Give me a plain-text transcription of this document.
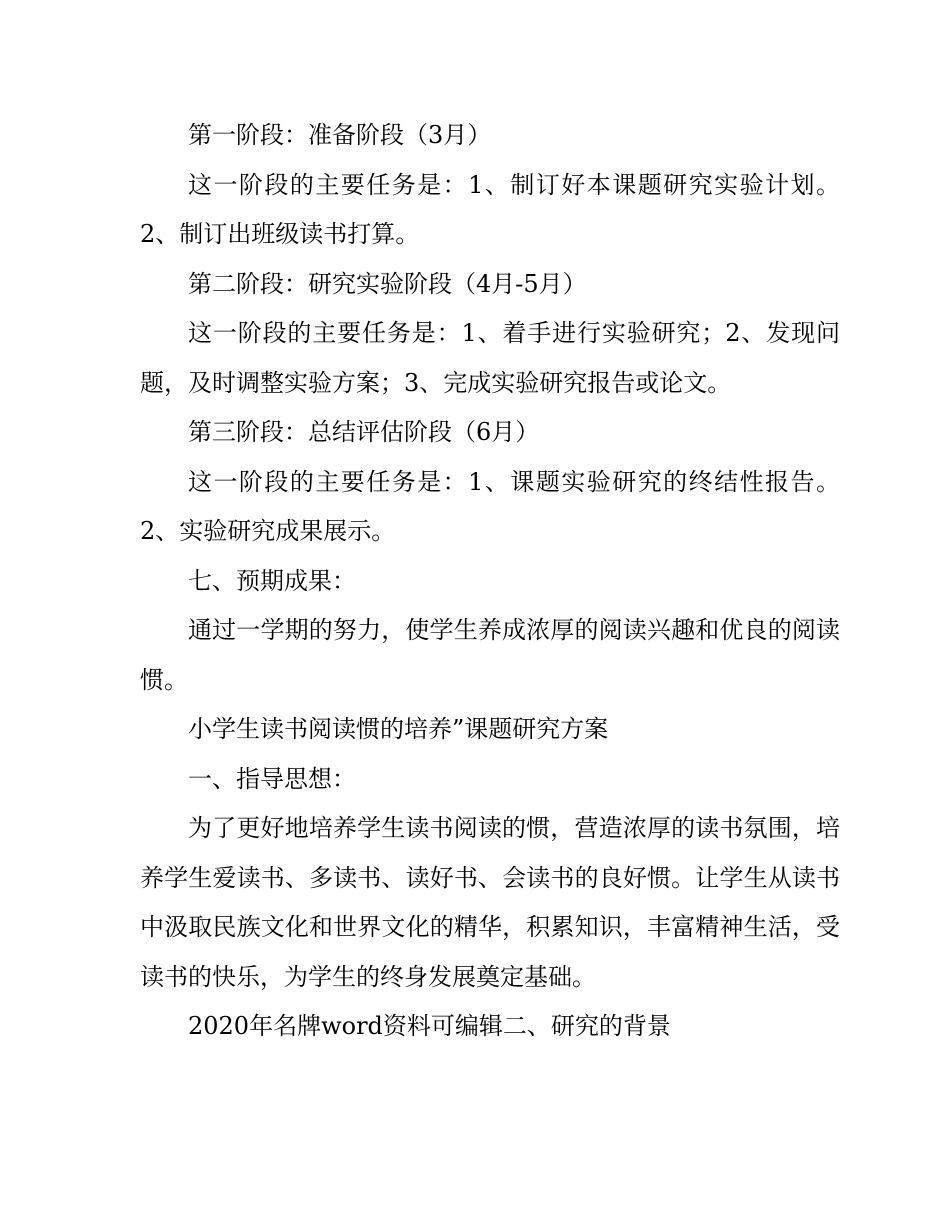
第一阶段：准备阶段（3月）

这一阶段的主要任务是：1、制订好本课题研究实验计划。2、制订出班级读书打算。

第二阶段：研究实验阶段（4月-5月）

这一阶段的主要任务是：1、着手进行实验研究；2、发现问题，及时调整实验方案；3、完成实验研究报告或论文。

第三阶段：总结评估阶段（6月）

这一阶段的主要任务是：1、课题实验研究的终结性报告。2、实验研究成果展示。

七、预期成果：

通过一学期的努力，使学生养成浓厚的阅读兴趣和优良的阅读惯。

小学生读书阅读惯的培养”课题研究方案

一、指导思想：

为了更好地培养学生读书阅读的惯，营造浓厚的读书氛围，培养学生爱读书、多读书、读好书、会读书的良好惯。让学生从读书中汲取民族文化和世界文化的精华，积累知识，丰富精神生活，受读书的快乐，为学生的终身发展奠定基础。

2020年名牌word资料可编辑二、研究的背景
